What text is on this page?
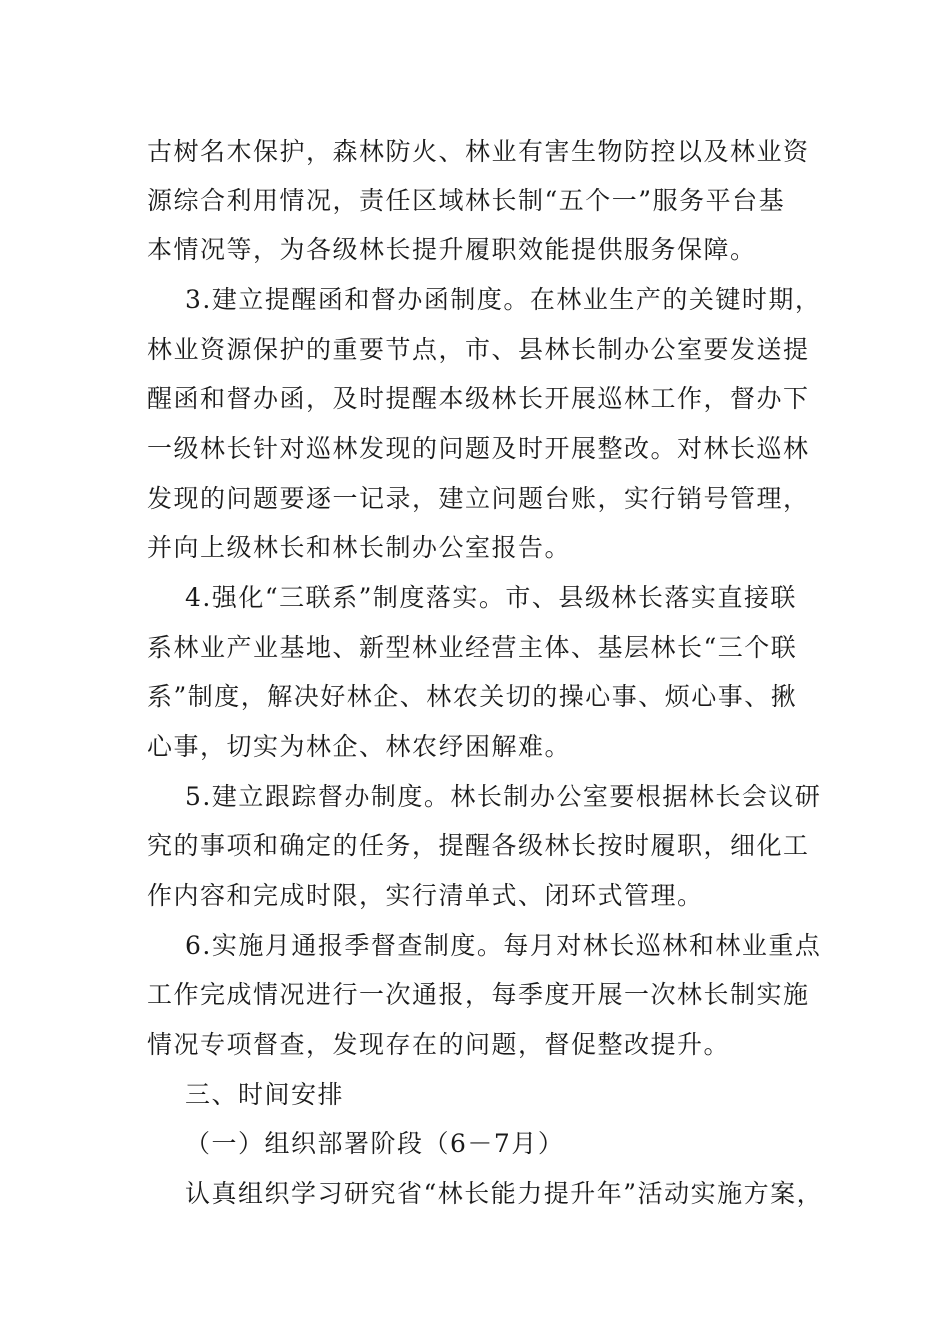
古树名木保护，森林防火、林业有害生物防控以及林业资
源综合利用情况，责任区域林长制“五个一”服务平台基
本情况等，为各级林长提升履职效能提供服务保障。
3.建立提醒函和督办函制度。在林业生产的关键时期，
林业资源保护的重要节点，市、县林长制办公室要发送提
醒函和督办函，及时提醒本级林长开展巡林工作，督办下
一级林长针对巡林发现的问题及时开展整改。对林长巡林
发现的问题要逐一记录，建立问题台账，实行销号管理，
并向上级林长和林长制办公室报告。
4.强化“三联系”制度落实。市、县级林长落实直接联
系林业产业基地、新型林业经营主体、基层林长“三个联
系”制度，解决好林企、林农关切的操心事、烦心事、揪
心事，切实为林企、林农纾困解难。
5.建立跟踪督办制度。林长制办公室要根据林长会议研
究的事项和确定的任务，提醒各级林长按时履职，细化工
作内容和完成时限，实行清单式、闭环式管理。
6.实施月通报季督查制度。每月对林长巡林和林业重点
工作完成情况进行一次通报，每季度开展一次林长制实施
情况专项督查，发现存在的问题，督促整改提升。
三、时间安排
（一）组织部署阶段（6－7月）
认真组织学习研究省“林长能力提升年”活动实施方案，
